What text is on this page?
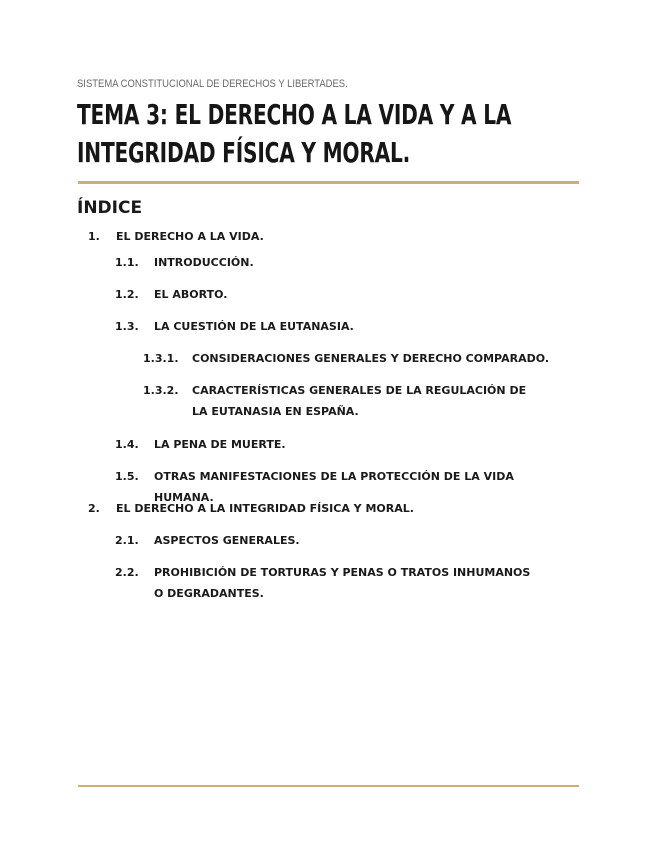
SISTEMA CONSTITUCIONAL DE DERECHOS Y LIBERTADES.
TEMA 3: EL DERECHO A LA VIDA Y A LA
INTEGRIDAD FÍSICA Y MORAL.
ÍNDICE
1. EL DERECHO A LA VIDA.
1.1. INTRODUCCIÓN.
1.2. EL ABORTO.
1.3. LA CUESTIÓN DE LA EUTANASIA.
1.3.1. CONSIDERACIONES GENERALES Y DERECHO COMPARADO.
1.3.2. CARACTERÍSTICAS GENERALES DE LA REGULACIÓN DE LA EUTANASIA EN ESPAÑA.
1.4. LA PENA DE MUERTE.
1.5. OTRAS MANIFESTACIONES DE LA PROTECCIÓN DE LA VIDA HUMANA.
2. EL DERECHO A LA INTEGRIDAD FÍSICA Y MORAL.
2.1. ASPECTOS GENERALES.
2.2. PROHIBICIÓN DE TORTURAS Y PENAS O TRATOS INHUMANOS O DEGRADANTES.
